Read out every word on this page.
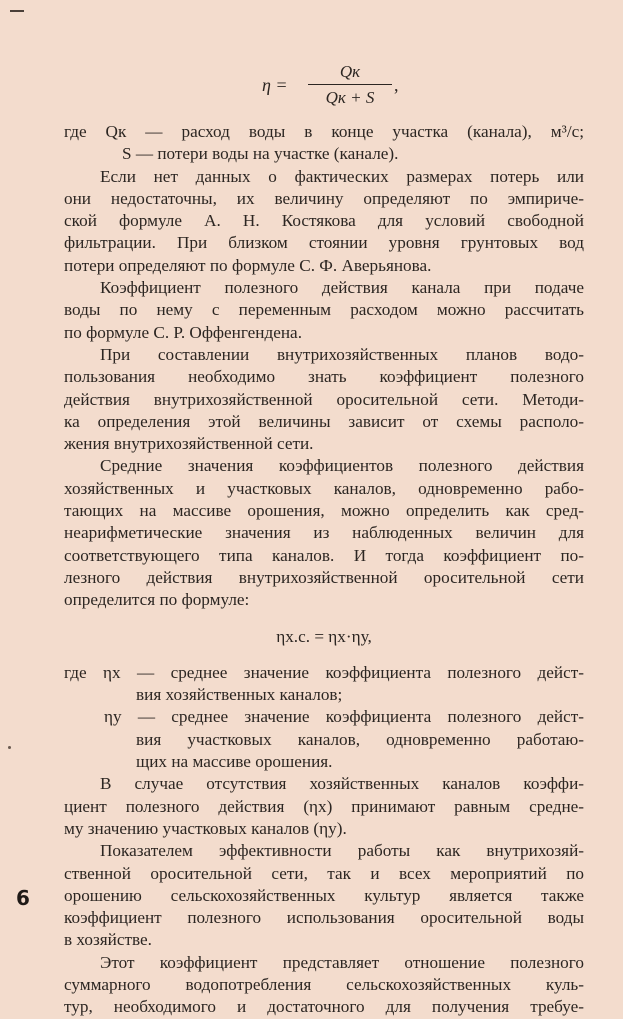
η =
Qк
Qк + S
,
где Qк — расход воды в конце участка (канала), м³/с;
S — потери воды на участке (канале).
Если нет данных о фактических размерах потерь или
они недостаточны, их величину определяют по эмпириче-
ской формуле А. Н. Костякова для условий свободной
фильтрации. При близком стоянии уровня грунтовых вод
потери определяют по формуле С. Ф. Аверьянова.
Коэффициент полезного действия канала при подаче
воды по нему с переменным расходом можно рассчитать
по формуле С. Р. Оффенгенденa.
При составлении внутрихозяйственных планов водо-
пользования необходимо знать коэффициент полезного
действия внутрихозяйственной оросительной сети. Методи-
ка определения этой величины зависит от схемы располо-
жения внутрихозяйственной сети.
Средние значения коэффициентов полезного действия
хозяйственных и участковых каналов, одновременно рабо-
тающих на массиве орошения, можно определить как сред-
неарифметические значения из наблюденных величин для
соответствующего типа каналов. И тогда коэффициент по-
лезного действия внутрихозяйственной оросительной сети
определится по формуле:
ηх.с. = ηх·ηу,
где ηх — среднее значение коэффициента полезного дейст-
вия хозяйственных каналов;
ηу — среднее значение коэффициента полезного дейст-
вия участковых каналов, одновременно работаю-
щих на массиве орошения.
В случае отсутствия хозяйственных каналов коэффи-
циент полезного действия (ηх) принимают равным средне-
му значению участковых каналов (ηу).
Показателем эффективности работы как внутрихозяй-
ственной оросительной сети, так и всех мероприятий по
орошению сельскохозяйственных культур является также
коэффициент полезного использования оросительной воды
в хозяйстве.
Этот коэффициент представляет отношение полезного
суммарного водопотребления сельскохозяйственных куль-
тур, необходимого и достаточного для получения требуе-
6
